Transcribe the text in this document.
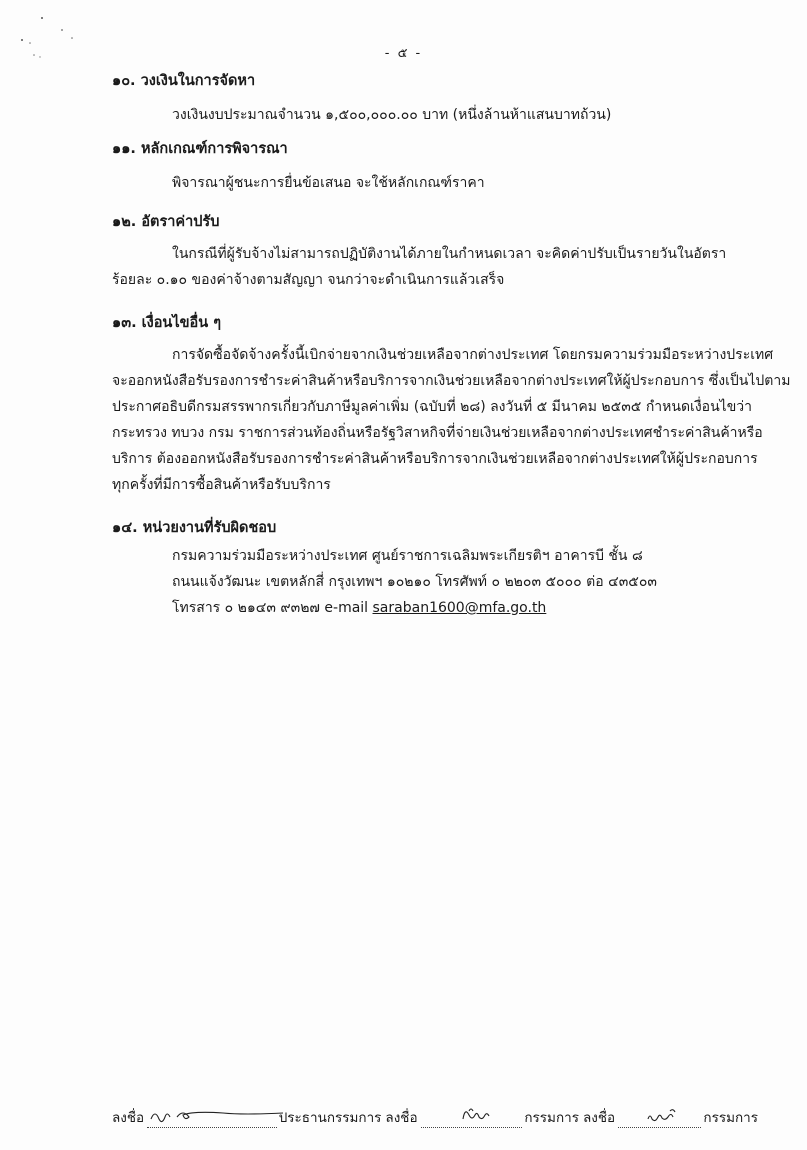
- ๕ -
๑๐. วงเงินในการจัดหา
วงเงินงบประมาณจำนวน ๑,๕๐๐,๐๐๐.๐๐ บาท (หนึ่งล้านห้าแสนบาทถ้วน)
๑๑. หลักเกณฑ์การพิจารณา
พิจารณาผู้ชนะการยื่นข้อเสนอ จะใช้หลักเกณฑ์ราคา
๑๒. อัตราค่าปรับ
ในกรณีที่ผู้รับจ้างไม่สามารถปฏิบัติงานได้ภายในกำหนดเวลา จะคิดค่าปรับเป็นรายวันในอัตรา
ร้อยละ ๐.๑๐ ของค่าจ้างตามสัญญา จนกว่าจะดำเนินการแล้วเสร็จ
๑๓. เงื่อนไขอื่น ๆ
การจัดซื้อจัดจ้างครั้งนี้เบิกจ่ายจากเงินช่วยเหลือจากต่างประเทศ โดยกรมความร่วมมือระหว่างประเทศ
จะออกหนังสือรับรองการชำระค่าสินค้าหรือบริการจากเงินช่วยเหลือจากต่างประเทศให้ผู้ประกอบการ ซึ่งเป็นไปตาม
ประกาศอธิบดีกรมสรรพากรเกี่ยวกับภาษีมูลค่าเพิ่ม (ฉบับที่ ๒๘) ลงวันที่ ๕ มีนาคม ๒๕๓๕ กำหนดเงื่อนไขว่า
กระทรวง ทบวง กรม ราชการส่วนท้องถิ่นหรือรัฐวิสาหกิจที่จ่ายเงินช่วยเหลือจากต่างประเทศชำระค่าสินค้าหรือ
บริการ ต้องออกหนังสือรับรองการชำระค่าสินค้าหรือบริการจากเงินช่วยเหลือจากต่างประเทศให้ผู้ประกอบการ
ทุกครั้งที่มีการซื้อสินค้าหรือรับบริการ
๑๔. หน่วยงานที่รับผิดชอบ
กรมความร่วมมือระหว่างประเทศ ศูนย์ราชการเฉลิมพระเกียรติฯ อาคารบี ชั้น ๘
ถนนแจ้งวัฒนะ เขตหลักสี่ กรุงเทพฯ ๑๐๒๑๐ โทรศัพท์ ๐ ๒๒๐๓ ๕๐๐๐ ต่อ ๔๓๕๐๓
โทรสาร ๐ ๒๑๔๓ ๙๓๒๗ e-mail saraban1600@mfa.go.th
ลงชื่อ	ประธานกรรมการ ลงชื่อ	กรรมการ ลงชื่อ	กรรมการ
